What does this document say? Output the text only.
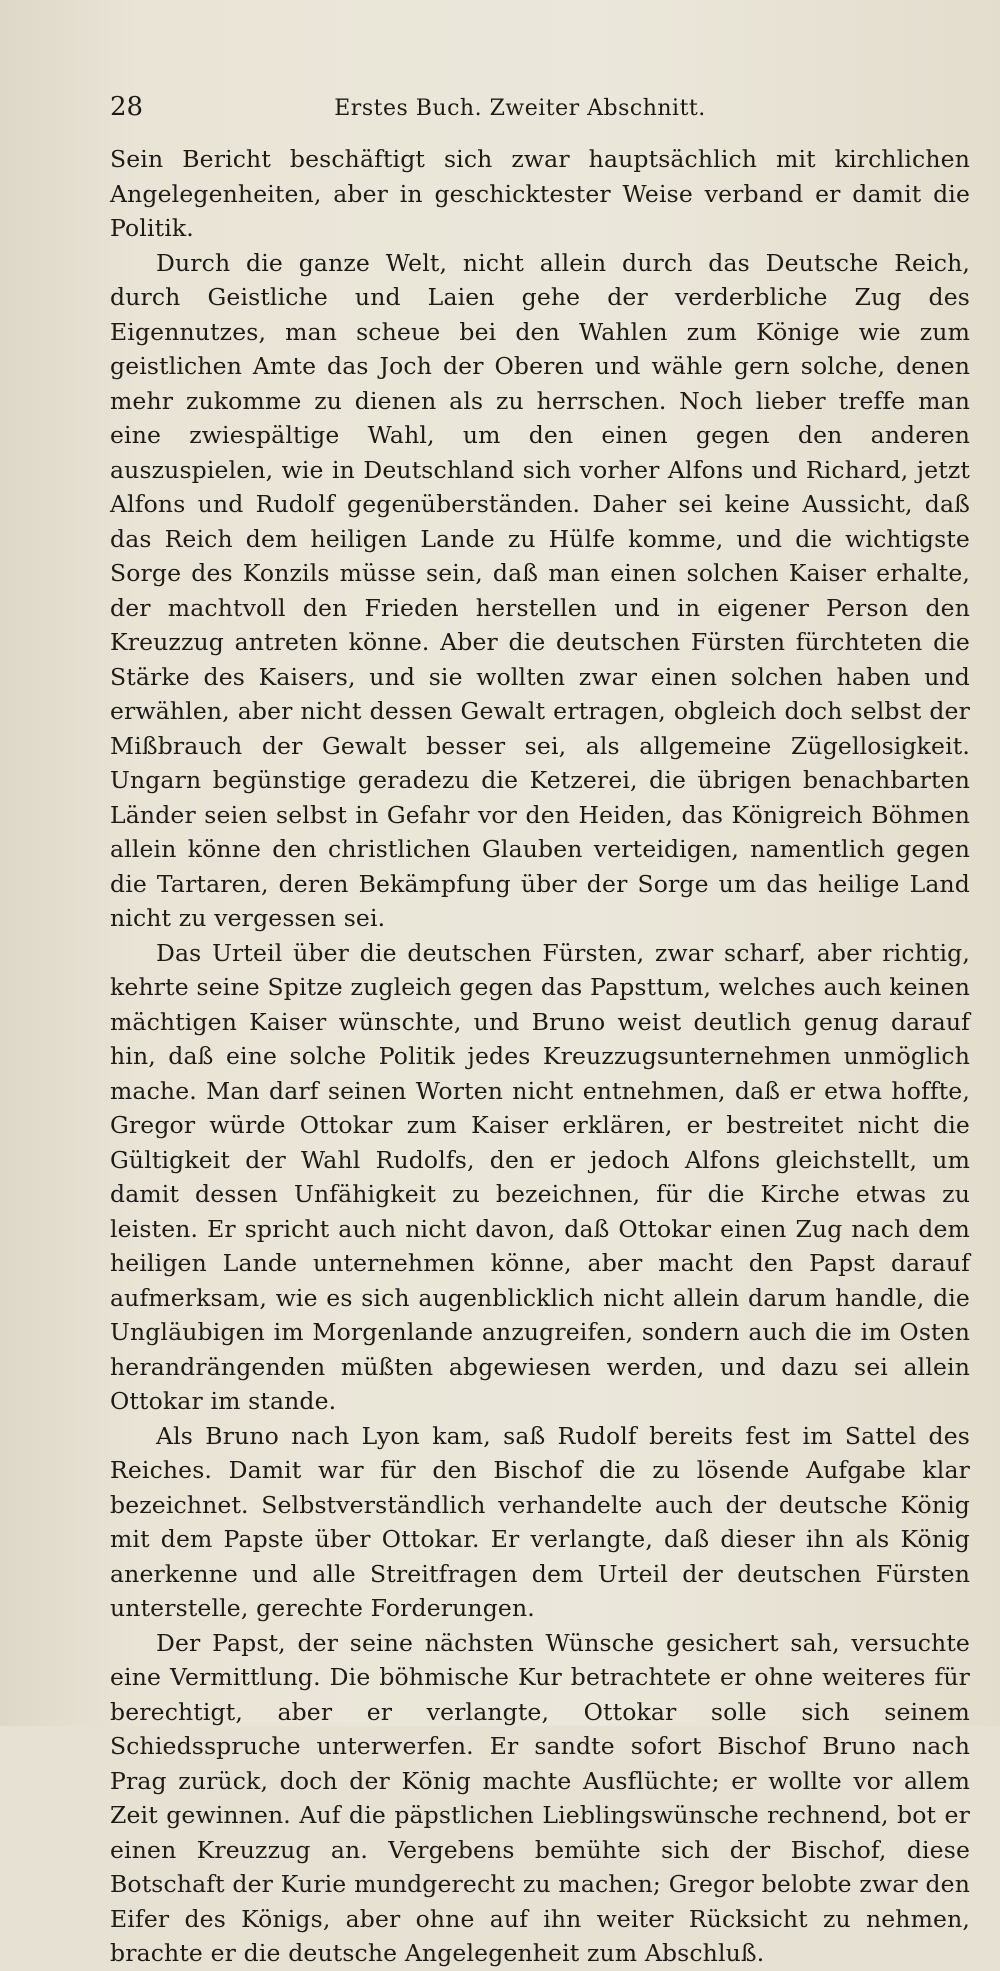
28	Erstes Buch. Zweiter Abschnitt.

Sein Bericht beschäftigt sich zwar hauptsächlich mit kirchlichen Angelegenheiten, aber in geschicktester Weise verband er damit die Politik.

Durch die ganze Welt, nicht allein durch das Deutsche Reich, durch Geistliche und Laien gehe der verderbliche Zug des Eigennutzes, man scheue bei den Wahlen zum Könige wie zum geistlichen Amte das Joch der Oberen und wähle gern solche, denen mehr zukomme zu dienen als zu herrschen. Noch lieber treffe man eine zwiespältige Wahl, um den einen gegen den anderen auszuspielen, wie in Deutschland sich vorher Alfons und Richard, jetzt Alfons und Rudolf gegenüberständen. Daher sei keine Aussicht, daß das Reich dem heiligen Lande zu Hülfe komme, und die wichtigste Sorge des Konzils müsse sein, daß man einen solchen Kaiser erhalte, der machtvoll den Frieden herstellen und in eigener Person den Kreuzzug antreten könne. Aber die deutschen Fürsten fürchteten die Stärke des Kaisers, und sie wollten zwar einen solchen haben und erwählen, aber nicht dessen Gewalt ertragen, obgleich doch selbst der Mißbrauch der Gewalt besser sei, als allgemeine Zügellosigkeit. Ungarn begünstige geradezu die Ketzerei, die übrigen benachbarten Länder seien selbst in Gefahr vor den Heiden, das Königreich Böhmen allein könne den christlichen Glauben verteidigen, namentlich gegen die Tartaren, deren Bekämpfung über der Sorge um das heilige Land nicht zu vergessen sei.

Das Urteil über die deutschen Fürsten, zwar scharf, aber richtig, kehrte seine Spitze zugleich gegen das Papsttum, welches auch keinen mächtigen Kaiser wünschte, und Bruno weist deutlich genug darauf hin, daß eine solche Politik jedes Kreuzzugsunternehmen unmöglich mache. Man darf seinen Worten nicht entnehmen, daß er etwa hoffte, Gregor würde Ottokar zum Kaiser erklären, er bestreitet nicht die Gültigkeit der Wahl Rudolfs, den er jedoch Alfons gleichstellt, um damit dessen Unfähigkeit zu bezeichnen, für die Kirche etwas zu leisten. Er spricht auch nicht davon, daß Ottokar einen Zug nach dem heiligen Lande unternehmen könne, aber macht den Papst darauf aufmerksam, wie es sich augenblicklich nicht allein darum handle, die Ungläubigen im Morgenlande anzugreifen, sondern auch die im Osten herandrängenden müßten abgewiesen werden, und dazu sei allein Ottokar im stande.

Als Bruno nach Lyon kam, saß Rudolf bereits fest im Sattel des Reiches. Damit war für den Bischof die zu lösende Aufgabe klar bezeichnet. Selbstverständlich verhandelte auch der deutsche König mit dem Papste über Ottokar. Er verlangte, daß dieser ihn als König anerkenne und alle Streitfragen dem Urteil der deutschen Fürsten unterstelle, gerechte Forderungen.

Der Papst, der seine nächsten Wünsche gesichert sah, versuchte eine Vermittlung. Die böhmische Kur betrachtete er ohne weiteres für berechtigt, aber er verlangte, Ottokar solle sich seinem Schiedsspruche unterwerfen. Er sandte sofort Bischof Bruno nach Prag zurück, doch der König machte Ausflüchte; er wollte vor allem Zeit gewinnen. Auf die päpstlichen Lieblingswünsche rechnend, bot er einen Kreuzzug an. Vergebens bemühte sich der Bischof, diese Botschaft der Kurie mundgerecht zu machen; Gregor belobte zwar den Eifer des Königs, aber ohne auf ihn weiter Rücksicht zu nehmen, brachte er die deutsche Angelegenheit zum Abschluß.
